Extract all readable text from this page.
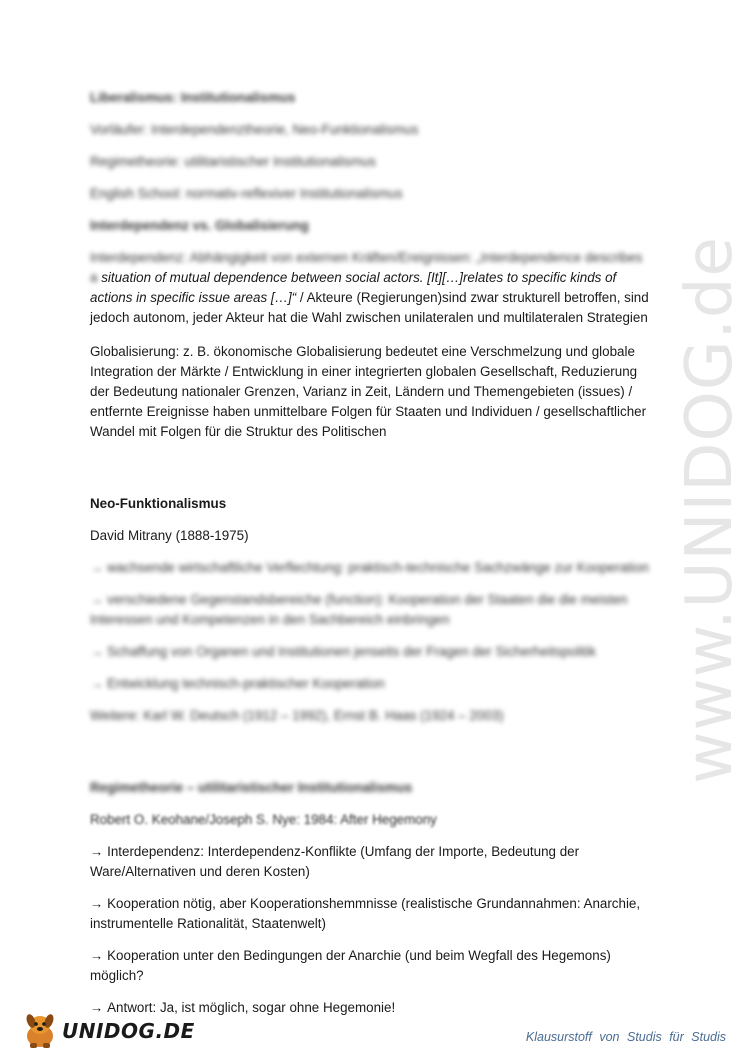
Liberalismus: Institutionalismus

Vorläufer: Interdependenztheorie, Neo-Funktionalismus

Regimetheorie: utilitaristischer Institutionalismus

English School: normativ-reflexiver Institutionalismus

Interdependenz vs. Globalisierung

Interdependenz: Abhängigkeit von externen Kräften/Ereignissen: „Interdependence describes a situation of mutual dependence between social actors. [It][…]relates to specific kinds of actions in specific issue areas […]“ / Akteure (Regierungen)sind zwar strukturell betroffen, sind jedoch autonom, jeder Akteur hat die Wahl zwischen unilateralen und multilateralen Strategien

Globalisierung: z. B. ökonomische Globalisierung bedeutet eine Verschmelzung und globale Integration der Märkte / Entwicklung in einer integrierten globalen Gesellschaft, Reduzierung der Bedeutung nationaler Grenzen, Varianz in Zeit, Ländern und Themengebieten (issues) / entfernte Ereignisse haben unmittelbare Folgen für Staaten und Individuen / gesellschaftlicher Wandel mit Folgen für die Struktur des Politischen

Neo-Funktionalismus

David Mitrany (1888-1975)

→ wachsende wirtschaftliche Verflechtung: praktisch-technische Sachzwänge zur Kooperation

→ verschiedene Gegenstandsbereiche (function): Kooperation der Staaten die die meisten Interessen und Kompetenzen in den Sachbereich einbringen

→ Schaffung von Organen und Institutionen jenseits der Fragen der Sicherheitspolitik

→ Entwicklung technisch-praktischer Kooperation

Weitere: Karl W. Deutsch (1912 – 1992), Ernst B. Haas (1924 – 2003)

Regimetheorie – utilitaristischer Institutionalismus

Robert O. Keohane/Joseph S. Nye: 1984: After Hegemony

→ Interdependenz: Interdependenz-Konflikte (Umfang der Importe, Bedeutung der Ware/Alternativen und deren Kosten)

→ Kooperation nötig, aber Kooperationshemmnisse (realistische Grundannahmen: Anarchie, instrumentelle Rationalität, Staatenwelt)

→ Kooperation unter den Bedingungen der Anarchie (und beim Wegfall des Hegemons) möglich?

→ Antwort: Ja, ist möglich, sogar ohne Hegemonie!

www.UNIDOG.de
UNIDOG.DE	Klausurstoff von Studis für Studis
